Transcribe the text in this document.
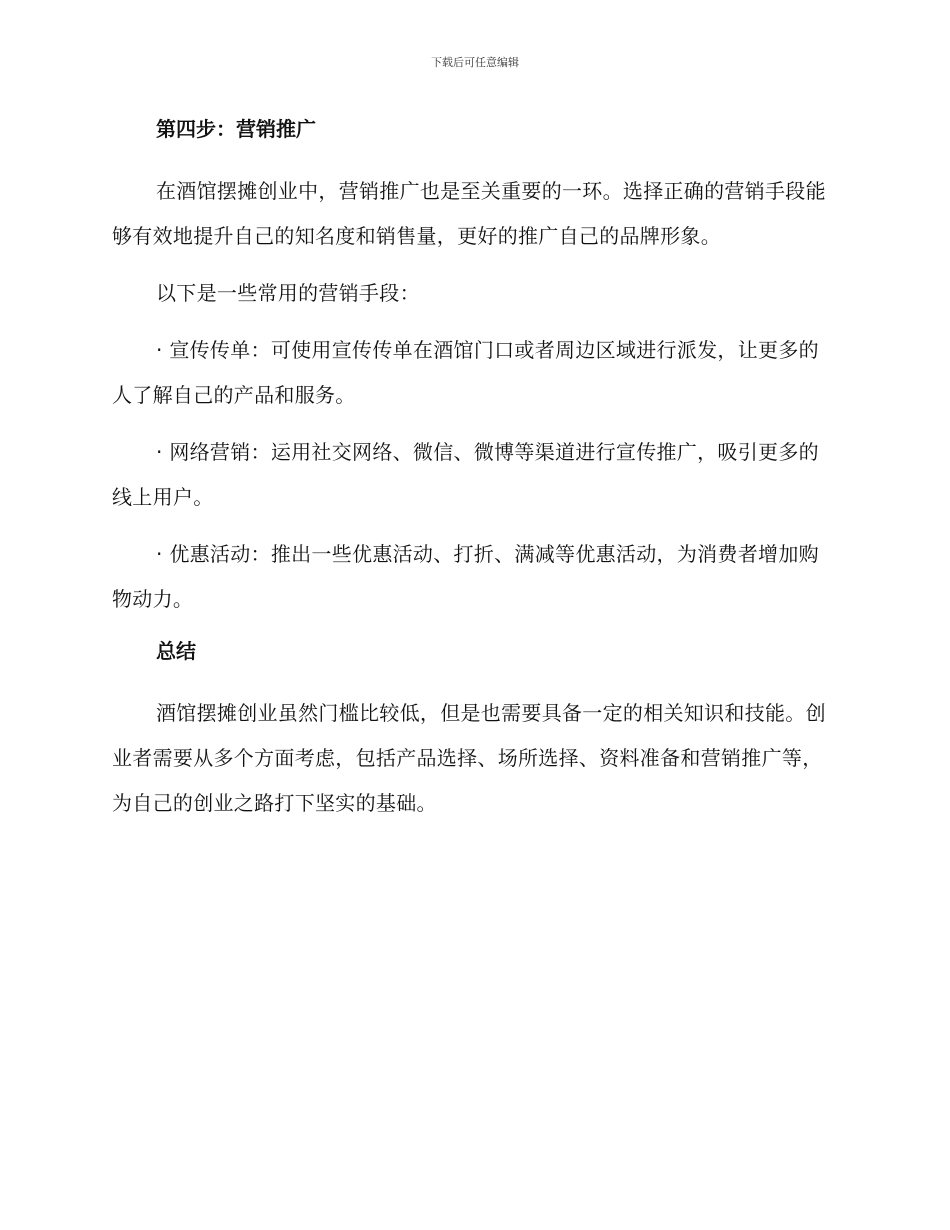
下载后可任意编辑
第四步：营销推广

在酒馆摆摊创业中，营销推广也是至关重要的一环。选择正确的营销手段能够有效地提升自己的知名度和销售量，更好的推广自己的品牌形象。

以下是一些常用的营销手段：

· 宣传传单：可使用宣传传单在酒馆门口或者周边区域进行派发，让更多的人了解自己的产品和服务。

· 网络营销：运用社交网络、微信、微博等渠道进行宣传推广，吸引更多的线上用户。

· 优惠活动：推出一些优惠活动、打折、满减等优惠活动，为消费者增加购物动力。

总结

酒馆摆摊创业虽然门槛比较低，但是也需要具备一定的相关知识和技能。创业者需要从多个方面考虑，包括产品选择、场所选择、资料准备和营销推广等，为自己的创业之路打下坚实的基础。
